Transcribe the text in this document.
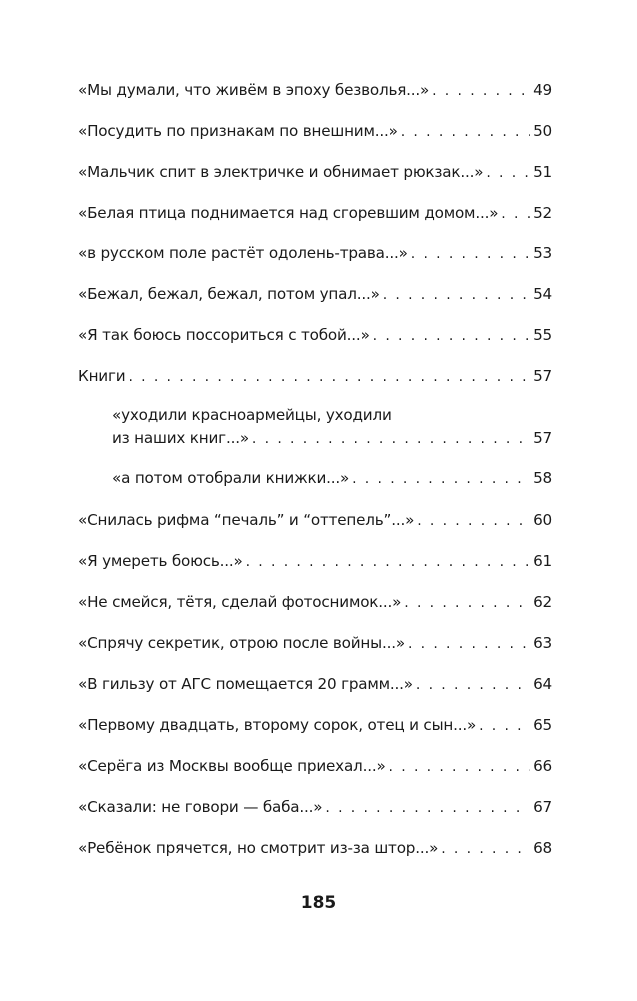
«Мы думали, что живём в эпоху безволья...» . . .	49
«Посудить по признакам по внешним...» . . .	50
«Мальчик спит в электричке и обнимает рюкзак...» . . .	51
«Белая птица поднимается над сгоревшим домом...» . . . 52
«в русском поле растёт одолень-трава...» . . .	53
«Бежал, бежал, бежал, потом упал...» . . .	54
«Я так боюсь поссориться с тобой...» . . .	55
Книги . . .	57
«уходили красноармейцы, уходили
из наших книг...» . . .	57
«а потом отобрали книжки...» . . .	58
«Снилась рифма “печаль” и “оттепель”...» . . .	60
«Я умереть боюсь...» . . .	61
«Не смейся, тётя, сделай фотоснимок...» . . .	62
«Спрячу секретик, отрою после войны...» . . .	63
«В гильзу от АГС помещается 20 грамм...» . . .	64
«Первому двадцать, второму сорок, отец и сын...» . . .	65
«Серёга из Москвы вообще приехал...» . . .	66
«Сказали: не говори — баба...» . . .	67
«Ребёнок прячется, но смотрит из-за штор...» . . .	68
185
